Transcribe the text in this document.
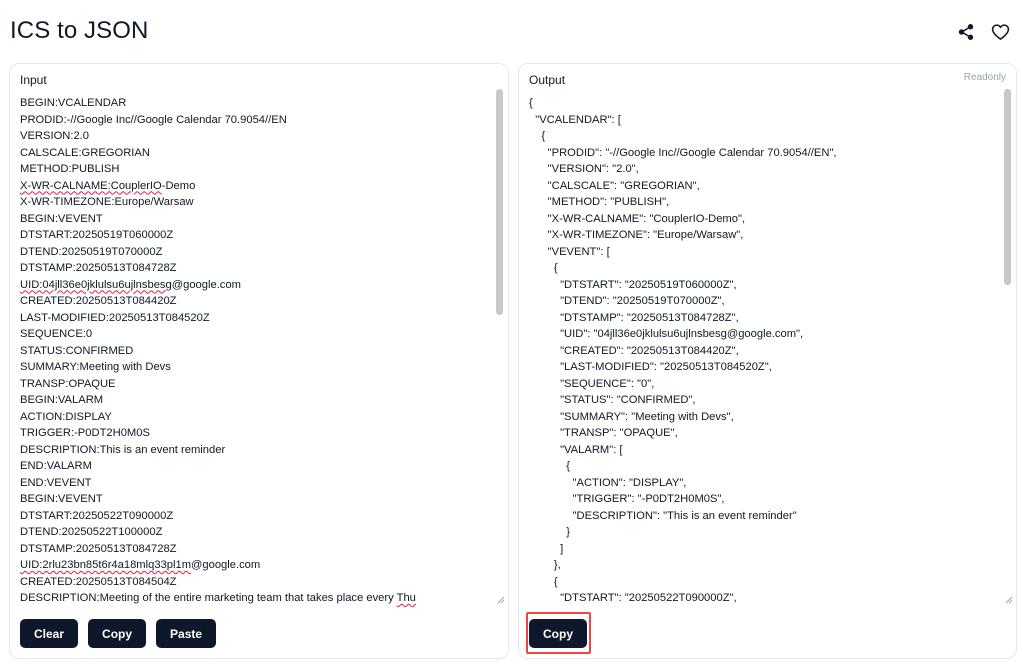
ICS to JSON
Input
BEGIN:VCALENDAR
PRODID:-//Google Inc//Google Calendar 70.9054//EN
VERSION:2.0
CALSCALE:GREGORIAN
METHOD:PUBLISH
X-WR-CALNAME:CouplerIO-Demo
X-WR-TIMEZONE:Europe/Warsaw
BEGIN:VEVENT
DTSTART:20250519T060000Z
DTEND:20250519T070000Z
DTSTAMP:20250513T084728Z
UID:04jll36e0jklulsu6ujlnsbesg@google.com
CREATED:20250513T084420Z
LAST-MODIFIED:20250513T084520Z
SEQUENCE:0
STATUS:CONFIRMED
SUMMARY:Meeting with Devs
TRANSP:OPAQUE
BEGIN:VALARM
ACTION:DISPLAY
TRIGGER:-P0DT2H0M0S
DESCRIPTION:This is an event reminder
END:VALARM
END:VEVENT
BEGIN:VEVENT
DTSTART:20250522T090000Z
DTEND:20250522T100000Z
DTSTAMP:20250513T084728Z
UID:2rlu23bn85t6r4a18mlq33pl1m@google.com
CREATED:20250513T084504Z
DESCRIPTION:Meeting of the entire marketing team that takes place every Thu
Clear	Copy	Paste
Output	Readonly
{
"VCALENDAR": [
{
"PRODID": "-//Google Inc//Google Calendar 70.9054//EN",
"VERSION": "2.0",
"CALSCALE": "GREGORIAN",
"METHOD": "PUBLISH",
"X-WR-CALNAME": "CouplerIO-Demo",
"X-WR-TIMEZONE": "Europe/Warsaw",
"VEVENT": [
{
"DTSTART": "20250519T060000Z",
"DTEND": "20250519T070000Z",
"DTSTAMP": "20250513T084728Z",
"UID": "04jll36e0jklulsu6ujlnsbesg@google.com",
"CREATED": "20250513T084420Z",
"LAST-MODIFIED": "20250513T084520Z",
"SEQUENCE": "0",
"STATUS": "CONFIRMED",
"SUMMARY": "Meeting with Devs",
"TRANSP": "OPAQUE",
"VALARM": [
{
"ACTION": "DISPLAY",
"TRIGGER": "-P0DT2H0M0S",
"DESCRIPTION": "This is an event reminder"
}
]
},
{
"DTSTART": "20250522T090000Z",
Copy
